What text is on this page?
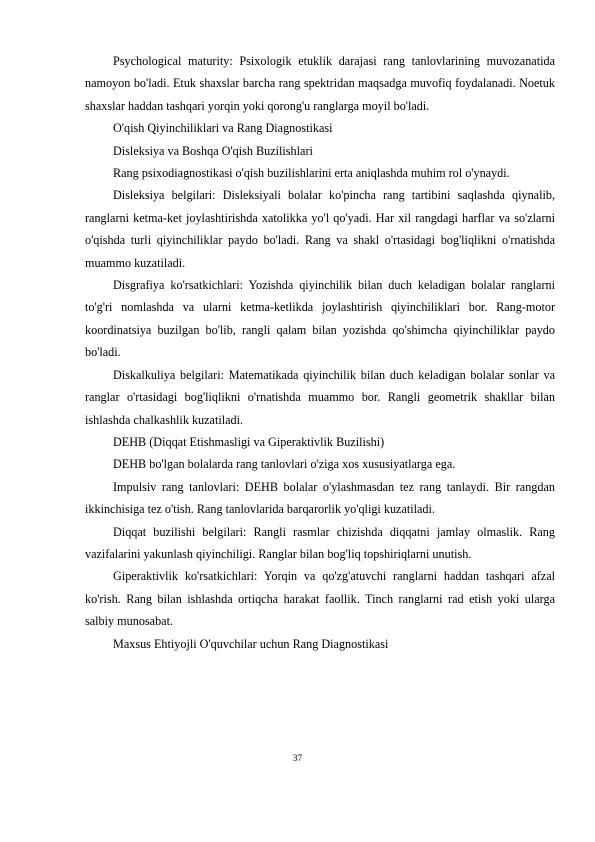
Psychological maturity: Psixologik etuklik darajasi rang tanlovlarining muvozanatida namoyon bo'ladi. Etuk shaxslar barcha rang spektridan maqsadga muvofiq foydalanadi. Noetuk shaxslar haddan tashqari yorqin yoki qorong'u ranglarga moyil bo'ladi.

O'qish Qiyinchiliklari va Rang Diagnostikasi

Disleksiya va Boshqa O'qish Buzilishlari

Rang psixodiagnostikasi o'qish buzilishlarini erta aniqlashda muhim rol o'ynaydi.

Disleksiya belgilari: Disleksiyali bolalar ko'pincha rang tartibini saqlashda qiynalib, ranglarni ketma-ket joylashtirishda xatolikka yo'l qo'yadi. Har xil rangdagi harflar va so'zlarni o'qishda turli qiyinchiliklar paydo bo'ladi. Rang va shakl o'rtasidagi bog'liqlikni o'rnatishda muammo kuzatiladi.

Disgrafiya ko'rsatkichlari: Yozishda qiyinchilik bilan duch keladigan bolalar ranglarni to'g'ri nomlashda va ularni ketma-ketlikda joylashtirish qiyinchiliklari bor. Rang-motor koordinatsiya buzilgan bo'lib, rangli qalam bilan yozishda qo'shimcha qiyinchiliklar paydo bo'ladi.

Diskalkuliya belgilari: Matematikada qiyinchilik bilan duch keladigan bolalar sonlar va ranglar o'rtasidagi bog'liqlikni o'rnatishda muammo bor. Rangli geometrik shakllar bilan ishlashda chalkashlik kuzatiladi.

DEHB (Diqqat Etishmasligi va Giperaktivlik Buzilishi)

DEHB bo'lgan bolalarda rang tanlovlari o'ziga xos xususiyatlarga ega.

Impulsiv rang tanlovlari: DEHB bolalar o'ylashmasdan tez rang tanlaydi. Bir rangdan ikkinchisiga tez o'tish. Rang tanlovlarida barqarorlik yo'qligi kuzatiladi.

Diqqat buzilishi belgilari: Rangli rasmlar chizishda diqqatni jamlay olmaslik. Rang vazifalarini yakunlash qiyinchiligi. Ranglar bilan bog'liq topshiriqlarni unutish.

Giperaktivlik ko'rsatkichlari: Yorqin va qo'zg'atuvchi ranglarni haddan tashqari afzal ko'rish. Rang bilan ishlashda ortiqcha harakat faollik. Tinch ranglarni rad etish yoki ularga salbiy munosabat.

Maxsus Ehtiyojli O'quvchilar uchun Rang Diagnostikasi

37
